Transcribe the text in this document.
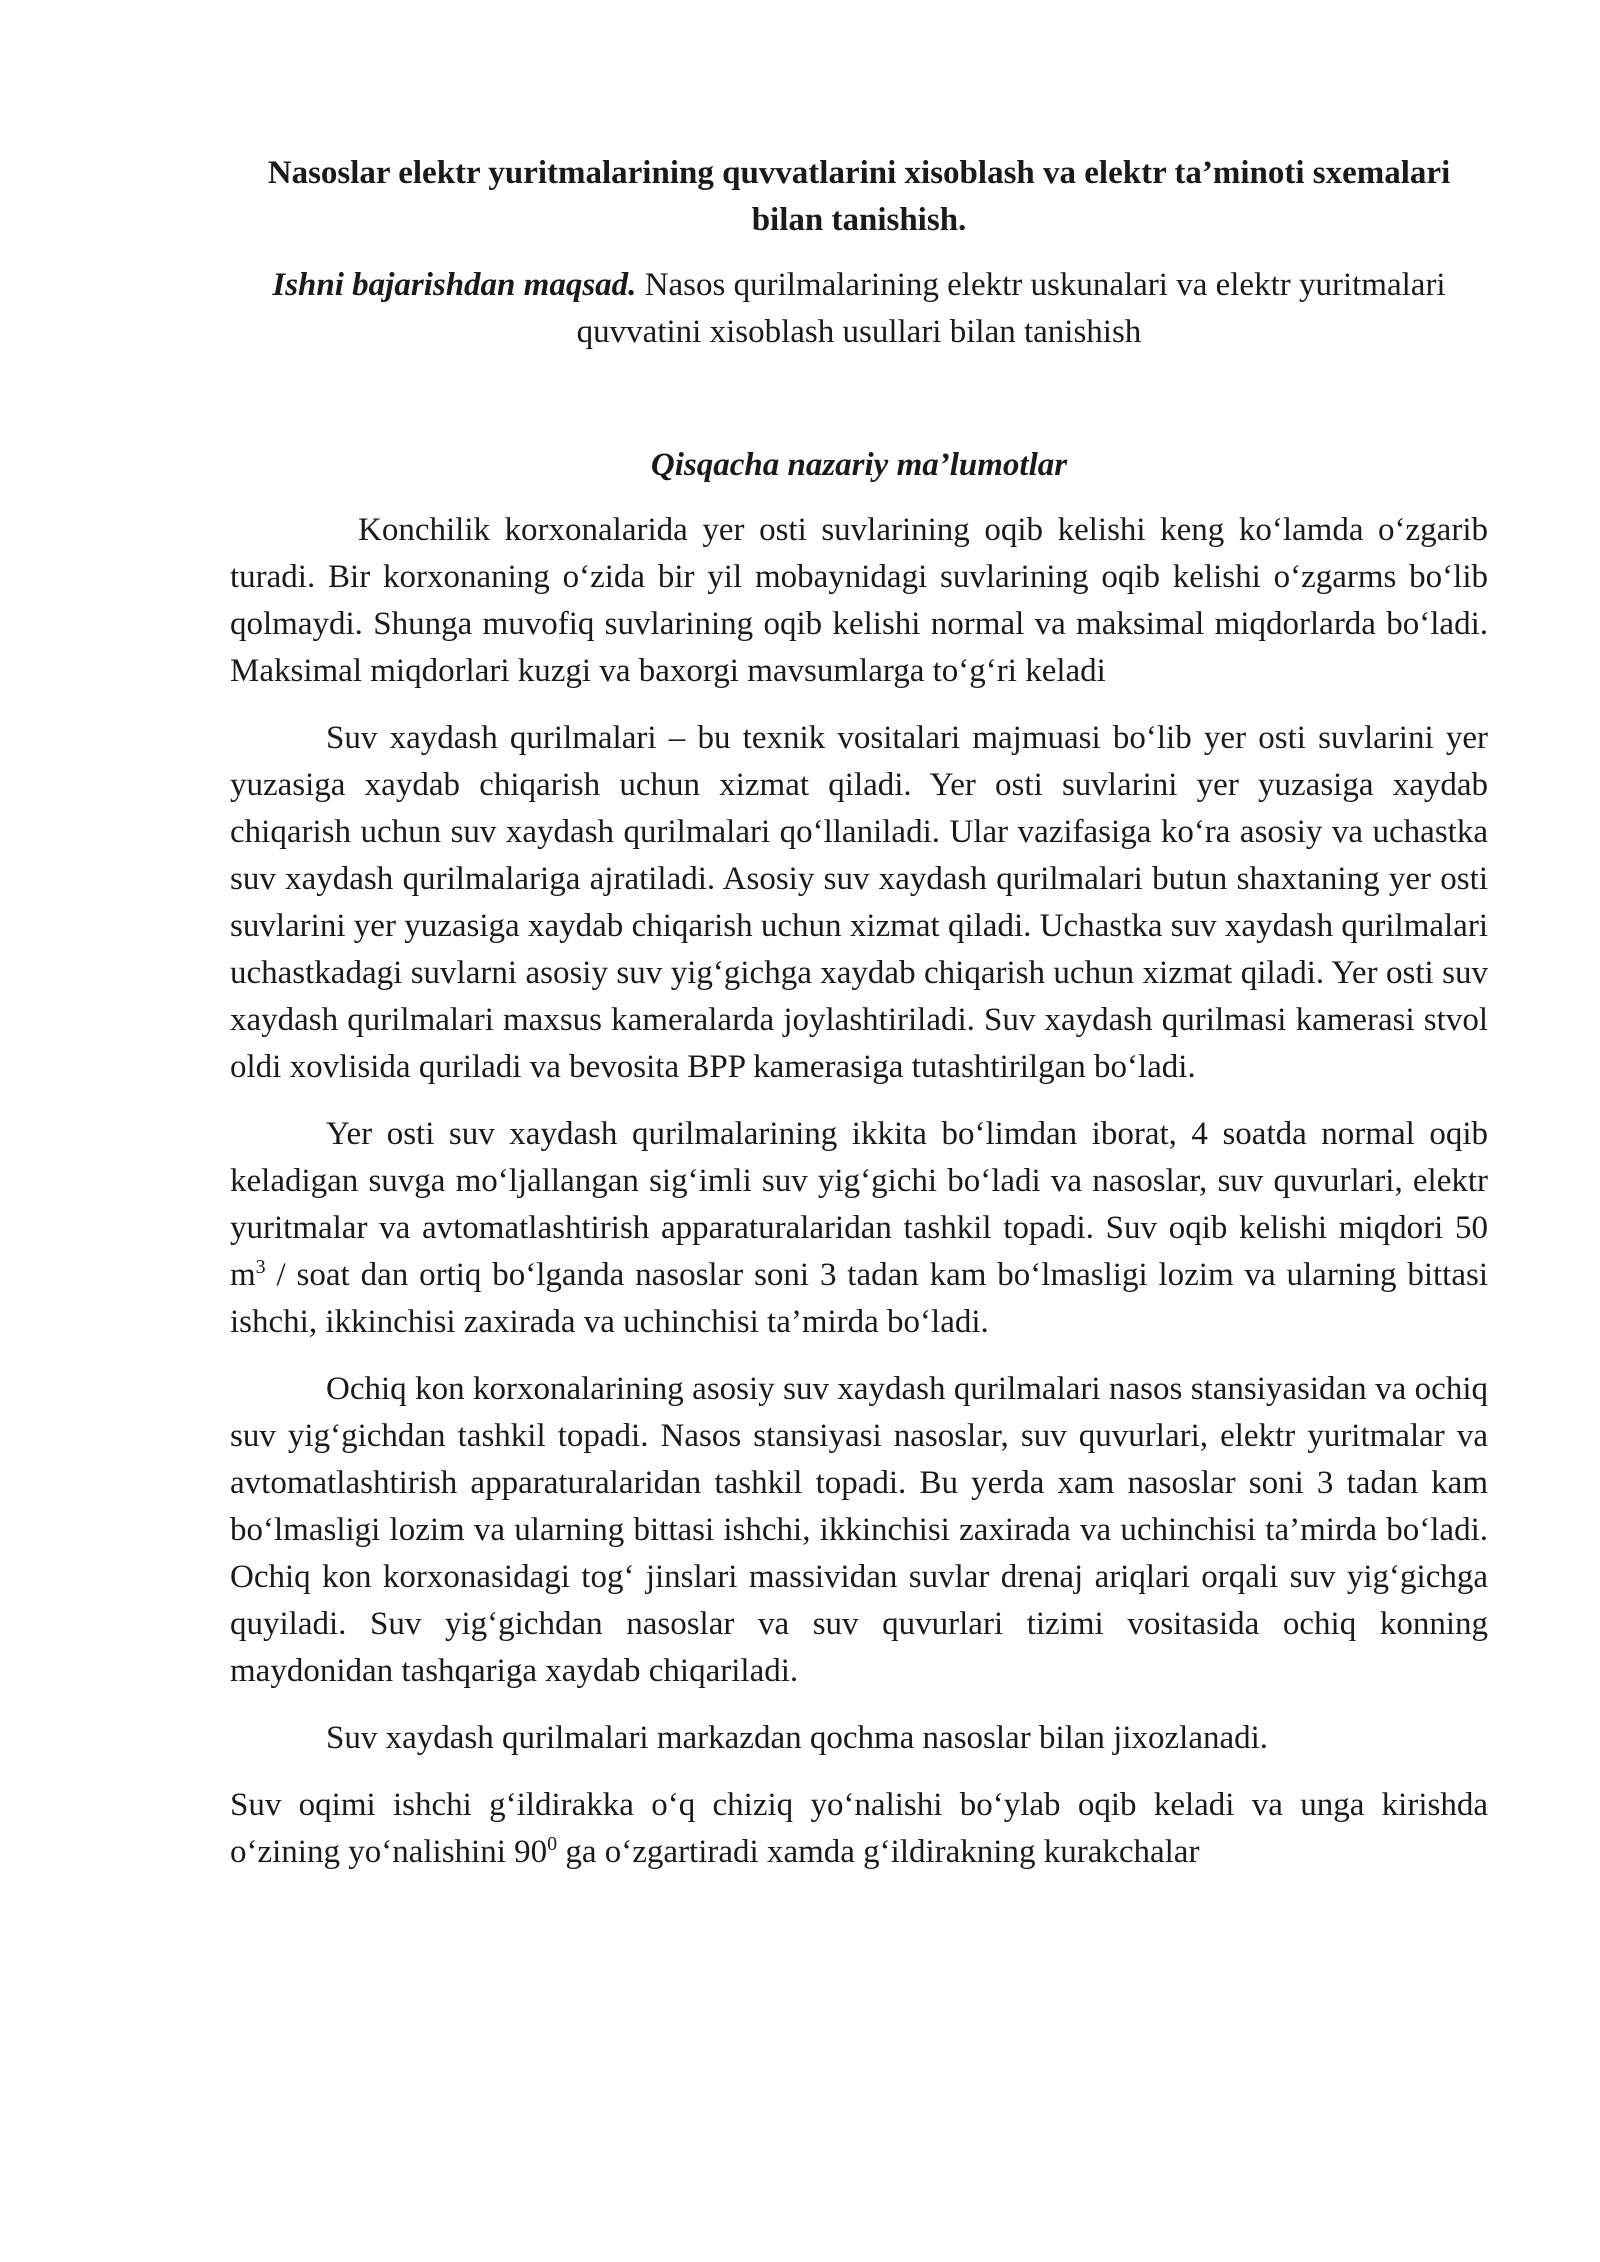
Nasoslar elektr yuritmalarining quvvatlarini xisoblash va elektr ta’minoti sxemalari bilan tanishish.

Ishni bajarishdan maqsad. Nasos qurilmalarining elektr uskunalari va elektr yuritmalari quvvatini xisoblash usullari bilan tanishish

Qisqacha nazariy ma’lumotlar

Konchilik korxonalarida yer osti suvlarining oqib kelishi keng ko‘lamda o‘zgarib turadi. Bir korxonaning o‘zida bir yil mobaynidagi suvlarining oqib kelishi o‘zgarms bo‘lib qolmaydi. Shunga muvofiq suvlarining oqib kelishi normal va maksimal miqdorlarda bo‘ladi. Maksimal miqdorlari kuzgi va baxorgi mavsumlarga to‘g‘ri keladi

Suv xaydash qurilmalari – bu texnik vositalari majmuasi bo‘lib yer osti suvlarini yer yuzasiga xaydab chiqarish uchun xizmat qiladi. Yer osti suvlarini yer yuzasiga xaydab chiqarish uchun suv xaydash qurilmalari qo‘llaniladi. Ular vazifasiga ko‘ra asosiy va uchastka suv xaydash qurilmalariga ajratiladi. Asosiy suv xaydash qurilmalari butun shaxtaning yer osti suvlarini yer yuzasiga xaydab chiqarish uchun xizmat qiladi. Uchastka suv xaydash qurilmalari uchastkadagi suvlarni asosiy suv yig‘gichga xaydab chiqarish uchun xizmat qiladi. Yer osti suv xaydash qurilmalari maxsus kameralarda joylashtiriladi. Suv xaydash qurilmasi kamerasi stvol oldi xovlisida quriladi va bevosita BPP kamerasiga tutashtirilgan bo‘ladi.

Yer osti suv xaydash qurilmalarining ikkita bo‘limdan iborat, 4 soatda normal oqib keladigan suvga mo‘ljallangan sig‘imli suv yig‘gichi bo‘ladi va nasoslar, suv quvurlari, elektr yuritmalar va avtomatlashtirish apparaturalaridan tashkil topadi. Suv oqib kelishi miqdori 50 $m^3$ / soat dan ortiq bo‘lganda nasoslar soni 3 tadan kam bo‘lmasligi lozim va ularning bittasi ishchi, ikkinchisi zaxirada va uchinchisi ta’mirda bo‘ladi.

Ochiq kon korxonalarining asosiy suv xaydash qurilmalari nasos stansiyasidan va ochiq suv yig‘gichdan tashkil topadi. Nasos stansiyasi nasoslar, suv quvurlari, elektr yuritmalar va avtomatlashtirish apparaturalaridan tashkil topadi. Bu yerda xam nasoslar soni 3 tadan kam bo‘lmasligi lozim va ularning bittasi ishchi, ikkinchisi zaxirada va uchinchisi ta’mirda bo‘ladi. Ochiq kon korxonasidagi tog‘ jinslari massividan suvlar drenaj ariqlari orqali suv yig‘gichga quyiladi. Suv yig‘gichdan nasoslar va suv quvurlari tizimi vositasida ochiq konning maydonidan tashqariga xaydab chiqariladi.

Suv xaydash qurilmalari markazdan qochma nasoslar bilan jixozlanadi.

Suv oqimi ishchi g‘ildirakka o‘q chiziq yo‘nalishi bo‘ylab oqib keladi va unga kirishda o‘zining yo‘nalishini $90^0$ ga o‘zgartiradi xamda g‘ildirakning kurakchalar
